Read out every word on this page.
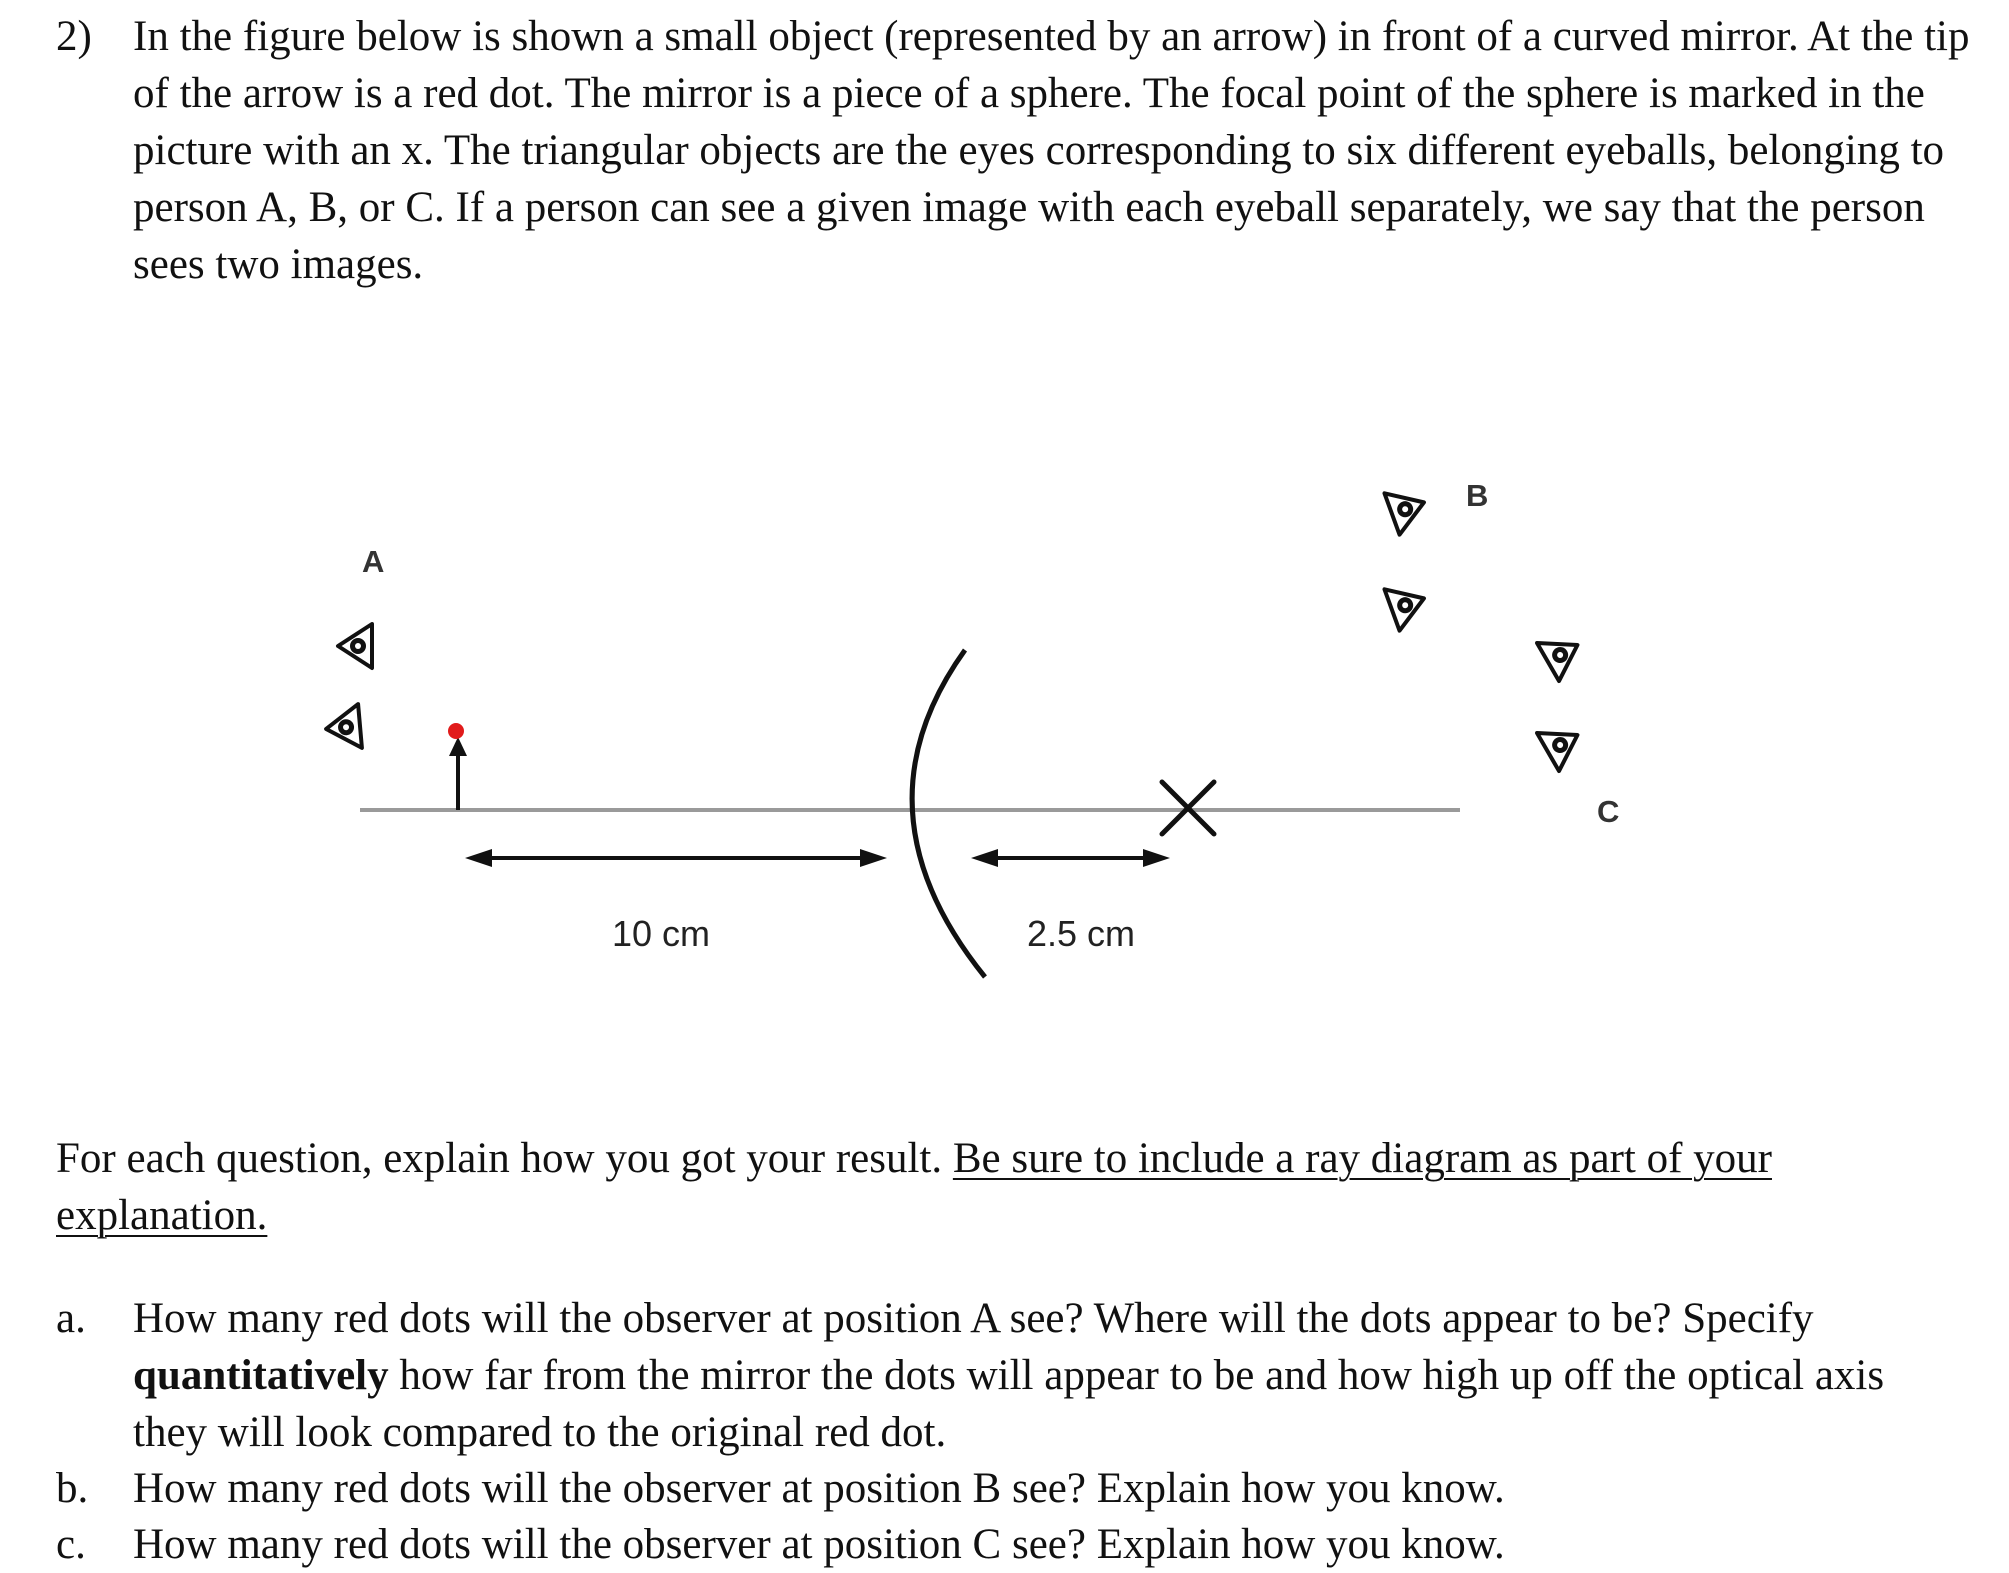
2) In the figure below is shown a small object (represented by an arrow) in front of a curved mirror. At the tip of the arrow is a red dot. The mirror is a piece of a sphere. The focal point of the sphere is marked in the picture with an x. The triangular objects are the eyes corresponding to six different eyeballs, belonging to person A, B, or C. If a person can see a given image with each eyeball separately, we say that the person sees two images.
10 cm	2.5 cm
A
B
C
For each question, explain how you got your result. Be sure to include a ray diagram as part of your explanation.
a. How many red dots will the observer at position A see? Where will the dots appear to be? Specify quantitatively how far from the mirror the dots will appear to be and how high up off the optical axis they will look compared to the original red dot.
b. How many red dots will the observer at position B see? Explain how you know.
c. How many red dots will the observer at position C see? Explain how you know.
